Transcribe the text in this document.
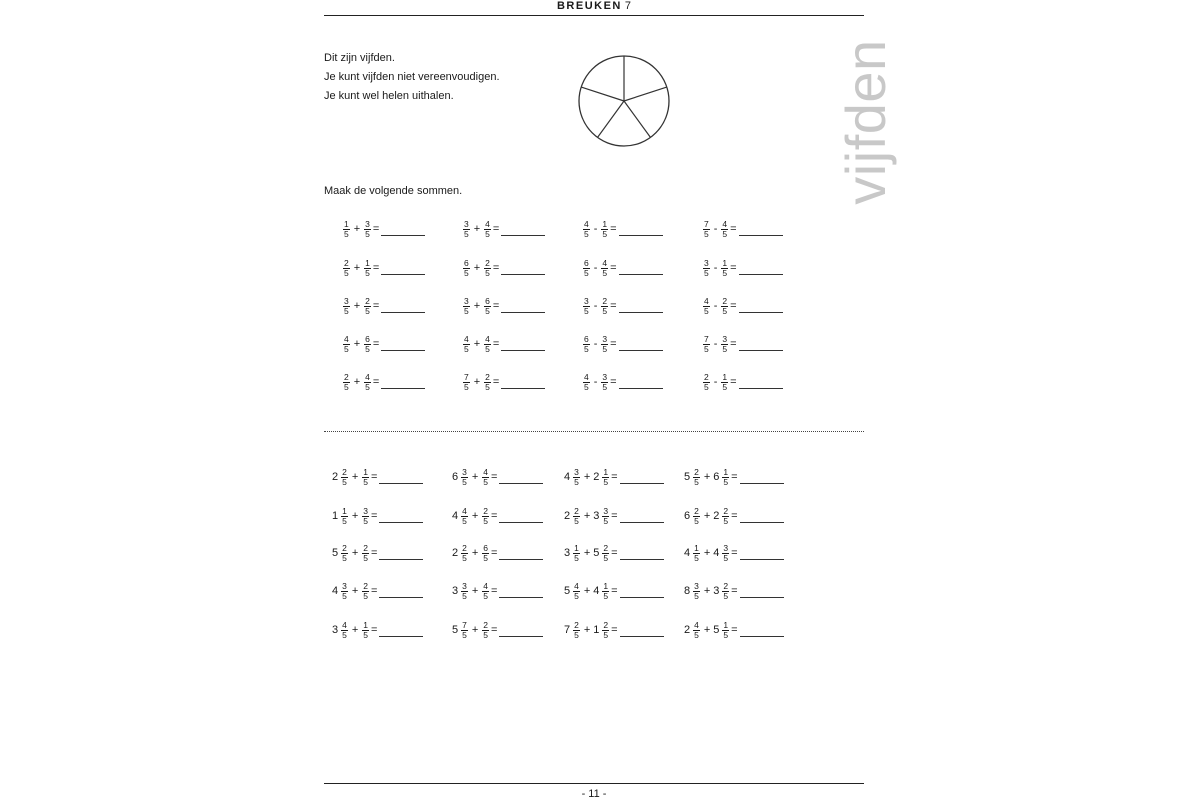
BREUKEN 7
vijfden
Dit zijn vijfden.
Je kunt vijfden niet vereenvoudigen.
Je kunt wel helen uithalen.
Maak de volgende sommen.
$\frac{1}{5} + \frac{3}{5}$ =
$\frac{2}{5} + \frac{1}{5}$ =
$\frac{3}{5} + \frac{2}{5}$ =
$\frac{4}{5} + \frac{6}{5}$ =
$\frac{2}{5} + \frac{4}{5}$ =
$\frac{3}{5} + \frac{4}{5}$ =
$\frac{6}{5} + \frac{2}{5}$ =
$\frac{3}{5} + \frac{6}{5}$ =
$\frac{4}{5} + \frac{4}{5}$ =
$\frac{7}{5} + \frac{2}{5}$ =
$\frac{4}{5} - \frac{1}{5}$ =
$\frac{6}{5} - \frac{4}{5}$ =
$\frac{3}{5} - \frac{2}{5}$ =
$\frac{6}{5} - \frac{3}{5}$ =
$\frac{4}{5} - \frac{3}{5}$ =
$\frac{7}{5} - \frac{4}{5}$ =
$\frac{3}{5} - \frac{1}{5}$ =
$\frac{4}{5} - \frac{2}{5}$ =
$\frac{7}{5} - \frac{3}{5}$ =
$\frac{2}{5} - \frac{1}{5}$ =
$2 \frac{2}{5} + \frac{1}{5}$ =
$1 \frac{1}{5} + \frac{3}{5}$ =
$5 \frac{2}{5} + \frac{2}{5}$ =
$4 \frac{3}{5} + \frac{2}{5}$ =
$3 \frac{4}{5} + \frac{1}{5}$ =
$6 \frac{3}{5} + \frac{4}{5}$ =
$4 \frac{4}{5} + \frac{2}{5}$ =
$2 \frac{2}{5} + \frac{6}{5}$ =
$3 \frac{3}{5} + \frac{4}{5}$ =
$5 \frac{7}{5} + \frac{2}{5}$ =
$4 \frac{3}{5} + 2 \frac{1}{5}$ =
$2 \frac{2}{5} + 3 \frac{3}{5}$ =
$3 \frac{1}{5} + 5 \frac{2}{5}$ =
$5 \frac{4}{5} + 4 \frac{1}{5}$ =
$7 \frac{2}{5} + 1 \frac{2}{5}$ =
$5 \frac{2}{5} + 6 \frac{1}{5}$ =
$6 \frac{2}{5} + 2 \frac{2}{5}$ =
$4 \frac{1}{5} + 4 \frac{3}{5}$ =
$8 \frac{3}{5} + 3 \frac{2}{5}$ =
$2 \frac{4}{5} + 5 \frac{1}{5}$ =
- 11 -
